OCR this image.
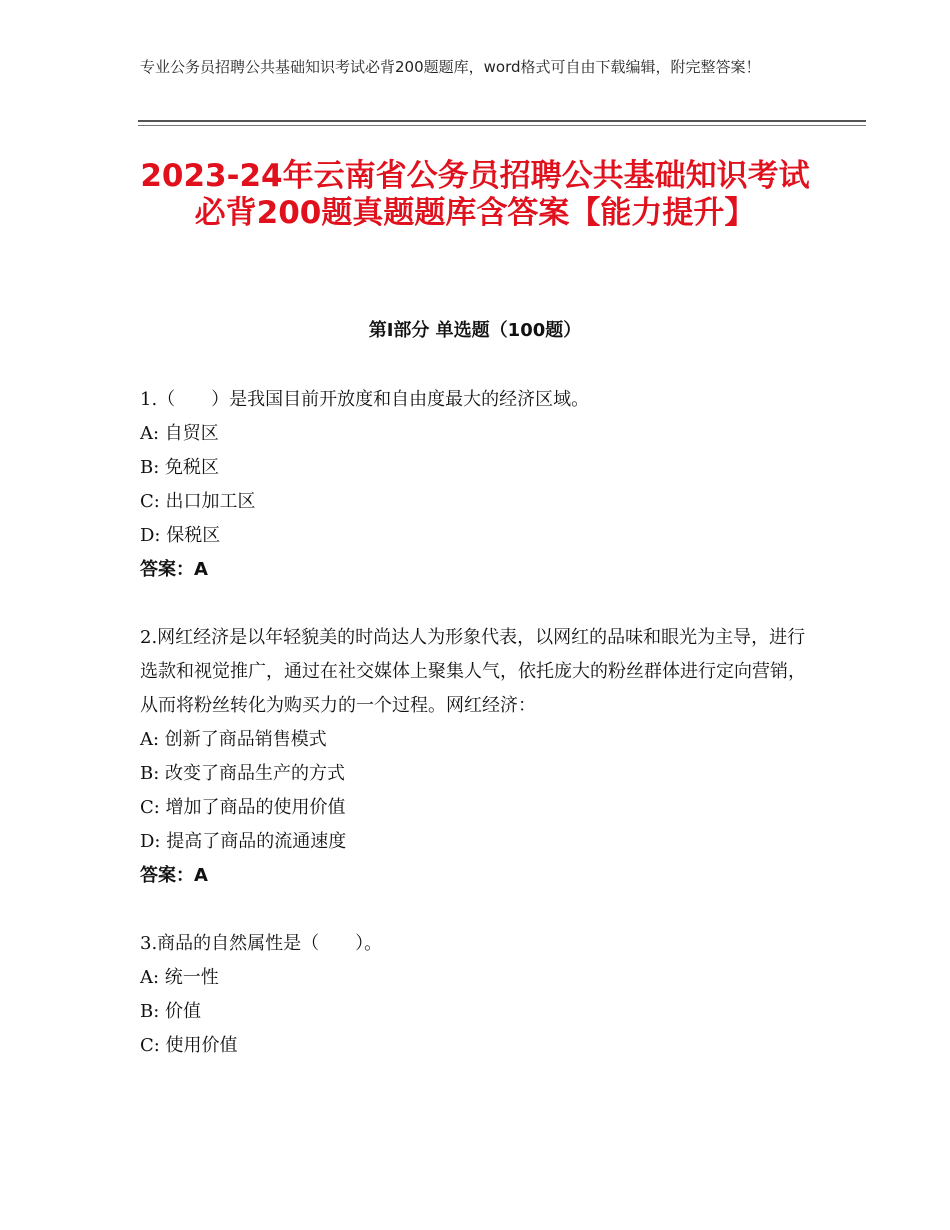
专业公务员招聘公共基础知识考试必背200题题库，word格式可自由下载编辑，附完整答案！
2023-24年云南省公务员招聘公共基础知识考试必背200题真题题库含答案【能力提升】
第Ⅰ部分 单选题（100题）

1.（　　）是我国目前开放度和自由度最大的经济区域。

A: 自贸区

B: 免税区

C: 出口加工区

D: 保税区

答案：A

2.网红经济是以年轻貌美的时尚达人为形象代表，以网红的品味和眼光为主导，进行选款和视觉推广，通过在社交媒体上聚集人气，依托庞大的粉丝群体进行定向营销，从而将粉丝转化为购买力的一个过程。网红经济：

A: 创新了商品销售模式

B: 改变了商品生产的方式

C: 增加了商品的使用价值

D: 提高了商品的流通速度

答案：A

3.商品的自然属性是（　　）。

A: 统一性

B: 价值

C: 使用价值
